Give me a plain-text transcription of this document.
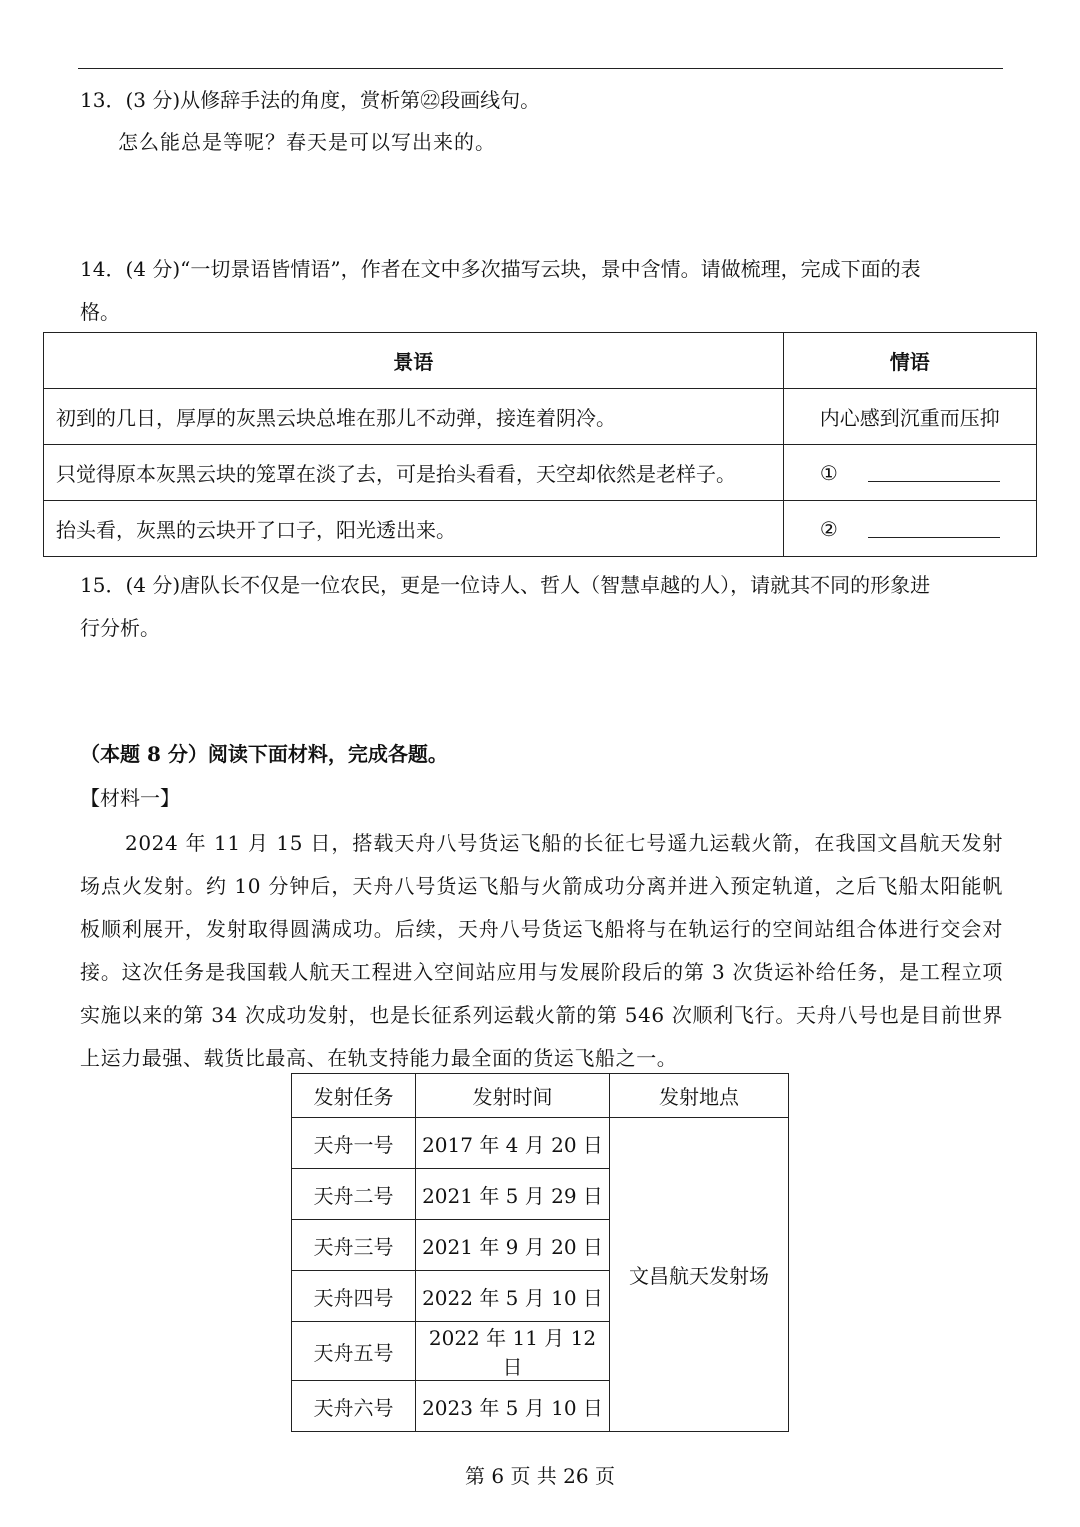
13．(3 分)从修辞手法的角度，赏析第㉒段画线句。
怎么能总是等呢？春天是可以写出来的。
14．(4 分)“一切景语皆情语”，作者在文中多次描写云块，景中含情。请做梳理，完成下面的表
格。
景语	情语
初到的几日，厚厚的灰黑云块总堆在那儿不动弹，接连着阴冷。	内心感到沉重而压抑
只觉得原本灰黑云块的笼罩在淡了去，可是抬头看看，天空却依然是老样子。	①

抬头看，灰黑的云块开了口子，阳光透出来。	②
15．(4 分)唐队长不仅是一位农民，更是一位诗人、哲人（智慧卓越的人），请就其不同的形象进
行分析。
（本题 8 分）阅读下面材料，完成各题。
【材料一】
2024 年 11 月 15 日，搭载天舟八号货运飞船的长征七号遥九运载火箭，在我国文昌航天发射场点火发射。约 10 分钟后，天舟八号货运飞船与火箭成功分离并进入预定轨道，之后飞船太阳能帆板顺利展开，发射取得圆满成功。后续，天舟八号货运飞船将与在轨运行的空间站组合体进行交会对接。这次任务是我国载人航天工程进入空间站应用与发展阶段后的第 3 次货运补给任务，是工程立项实施以来的第 34 次成功发射，也是长征系列运载火箭的第 546 次顺利飞行。天舟八号也是目前世界上运力最强、载货比最高、在轨支持能力最全面的货运飞船之一。
发射任务	发射时间	发射地点
天舟一号	2017 年 4 月 20 日	文昌航天发射场
天舟二号	2021 年 5 月 29 日	
天舟三号	2021 年 9 月 20 日	
天舟四号	2022 年 5 月 10 日	
天舟五号	2022 年 11 月 12 日	
天舟六号	2023 年 5 月 10 日	
第 6 页 共 26 页
